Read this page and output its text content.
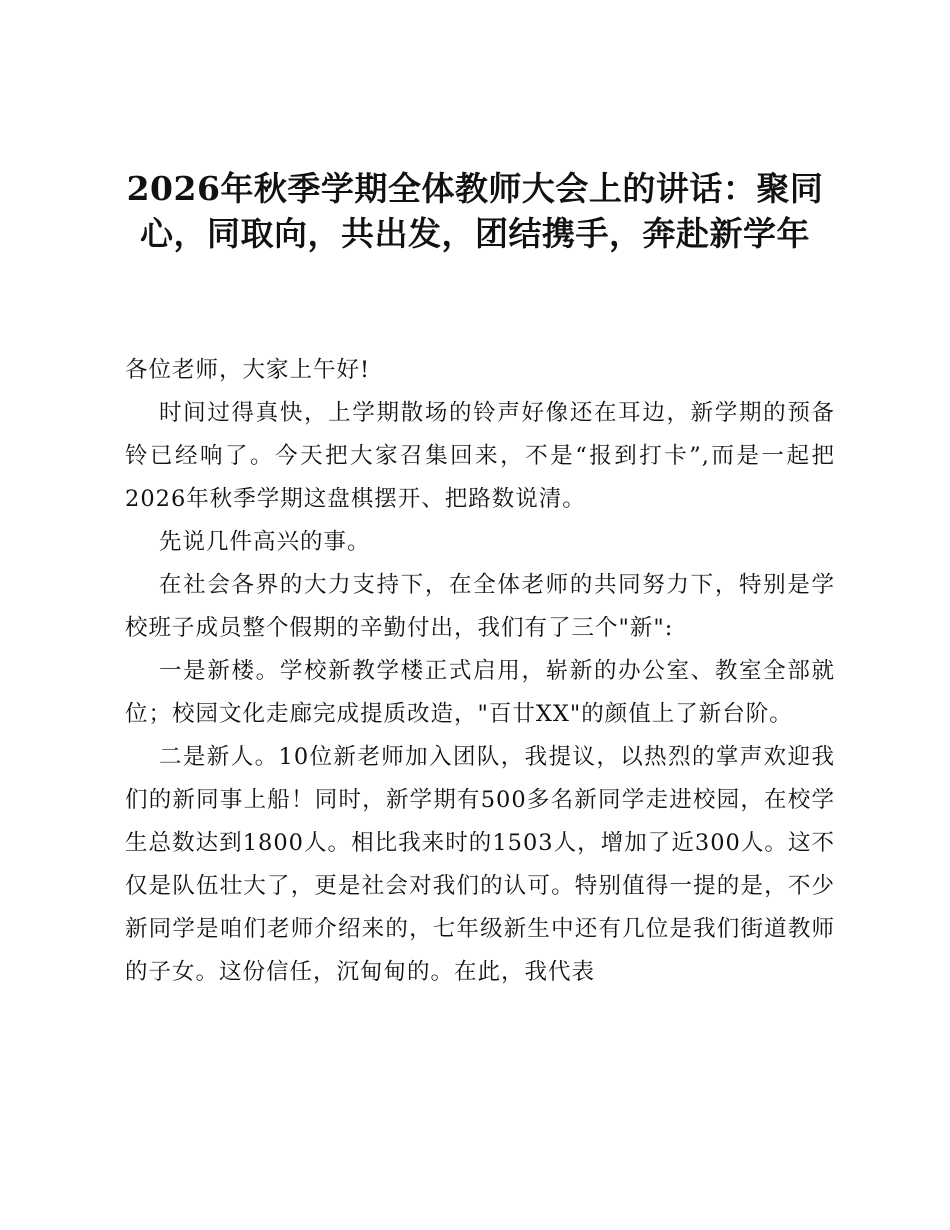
2026年秋季学期全体教师大会上的讲话：聚同
心，同取向，共出发，团结携手，奔赴新学年

各位老师，大家上午好!

时间过得真快，上学期散场的铃声好像还在耳边，新学期的预备铃已经响了。今天把大家召集回来，不是“报到打卡”,而是一起把2026年秋季学期这盘棋摆开、把路数说清。

先说几件高兴的事。

在社会各界的大力支持下，在全体老师的共同努力下，特别是学校班子成员整个假期的辛勤付出，我们有了三个"新":

一是新楼。学校新教学楼正式启用，崭新的办公室、教室全部就位；校园文化走廊完成提质改造，"百廿XX"的颜值上了新台阶。

二是新人。10位新老师加入团队，我提议，以热烈的掌声欢迎我们的新同事上船！同时，新学期有500多名新同学走进校园，在校学生总数达到1800人。相比我来时的1503人，增加了近300人。这不仅是队伍壮大了，更是社会对我们的认可。特别值得一提的是，不少新同学是咱们老师介绍来的，七年级新生中还有几位是我们街道教师的子女。这份信任，沉甸甸的。在此，我代表
